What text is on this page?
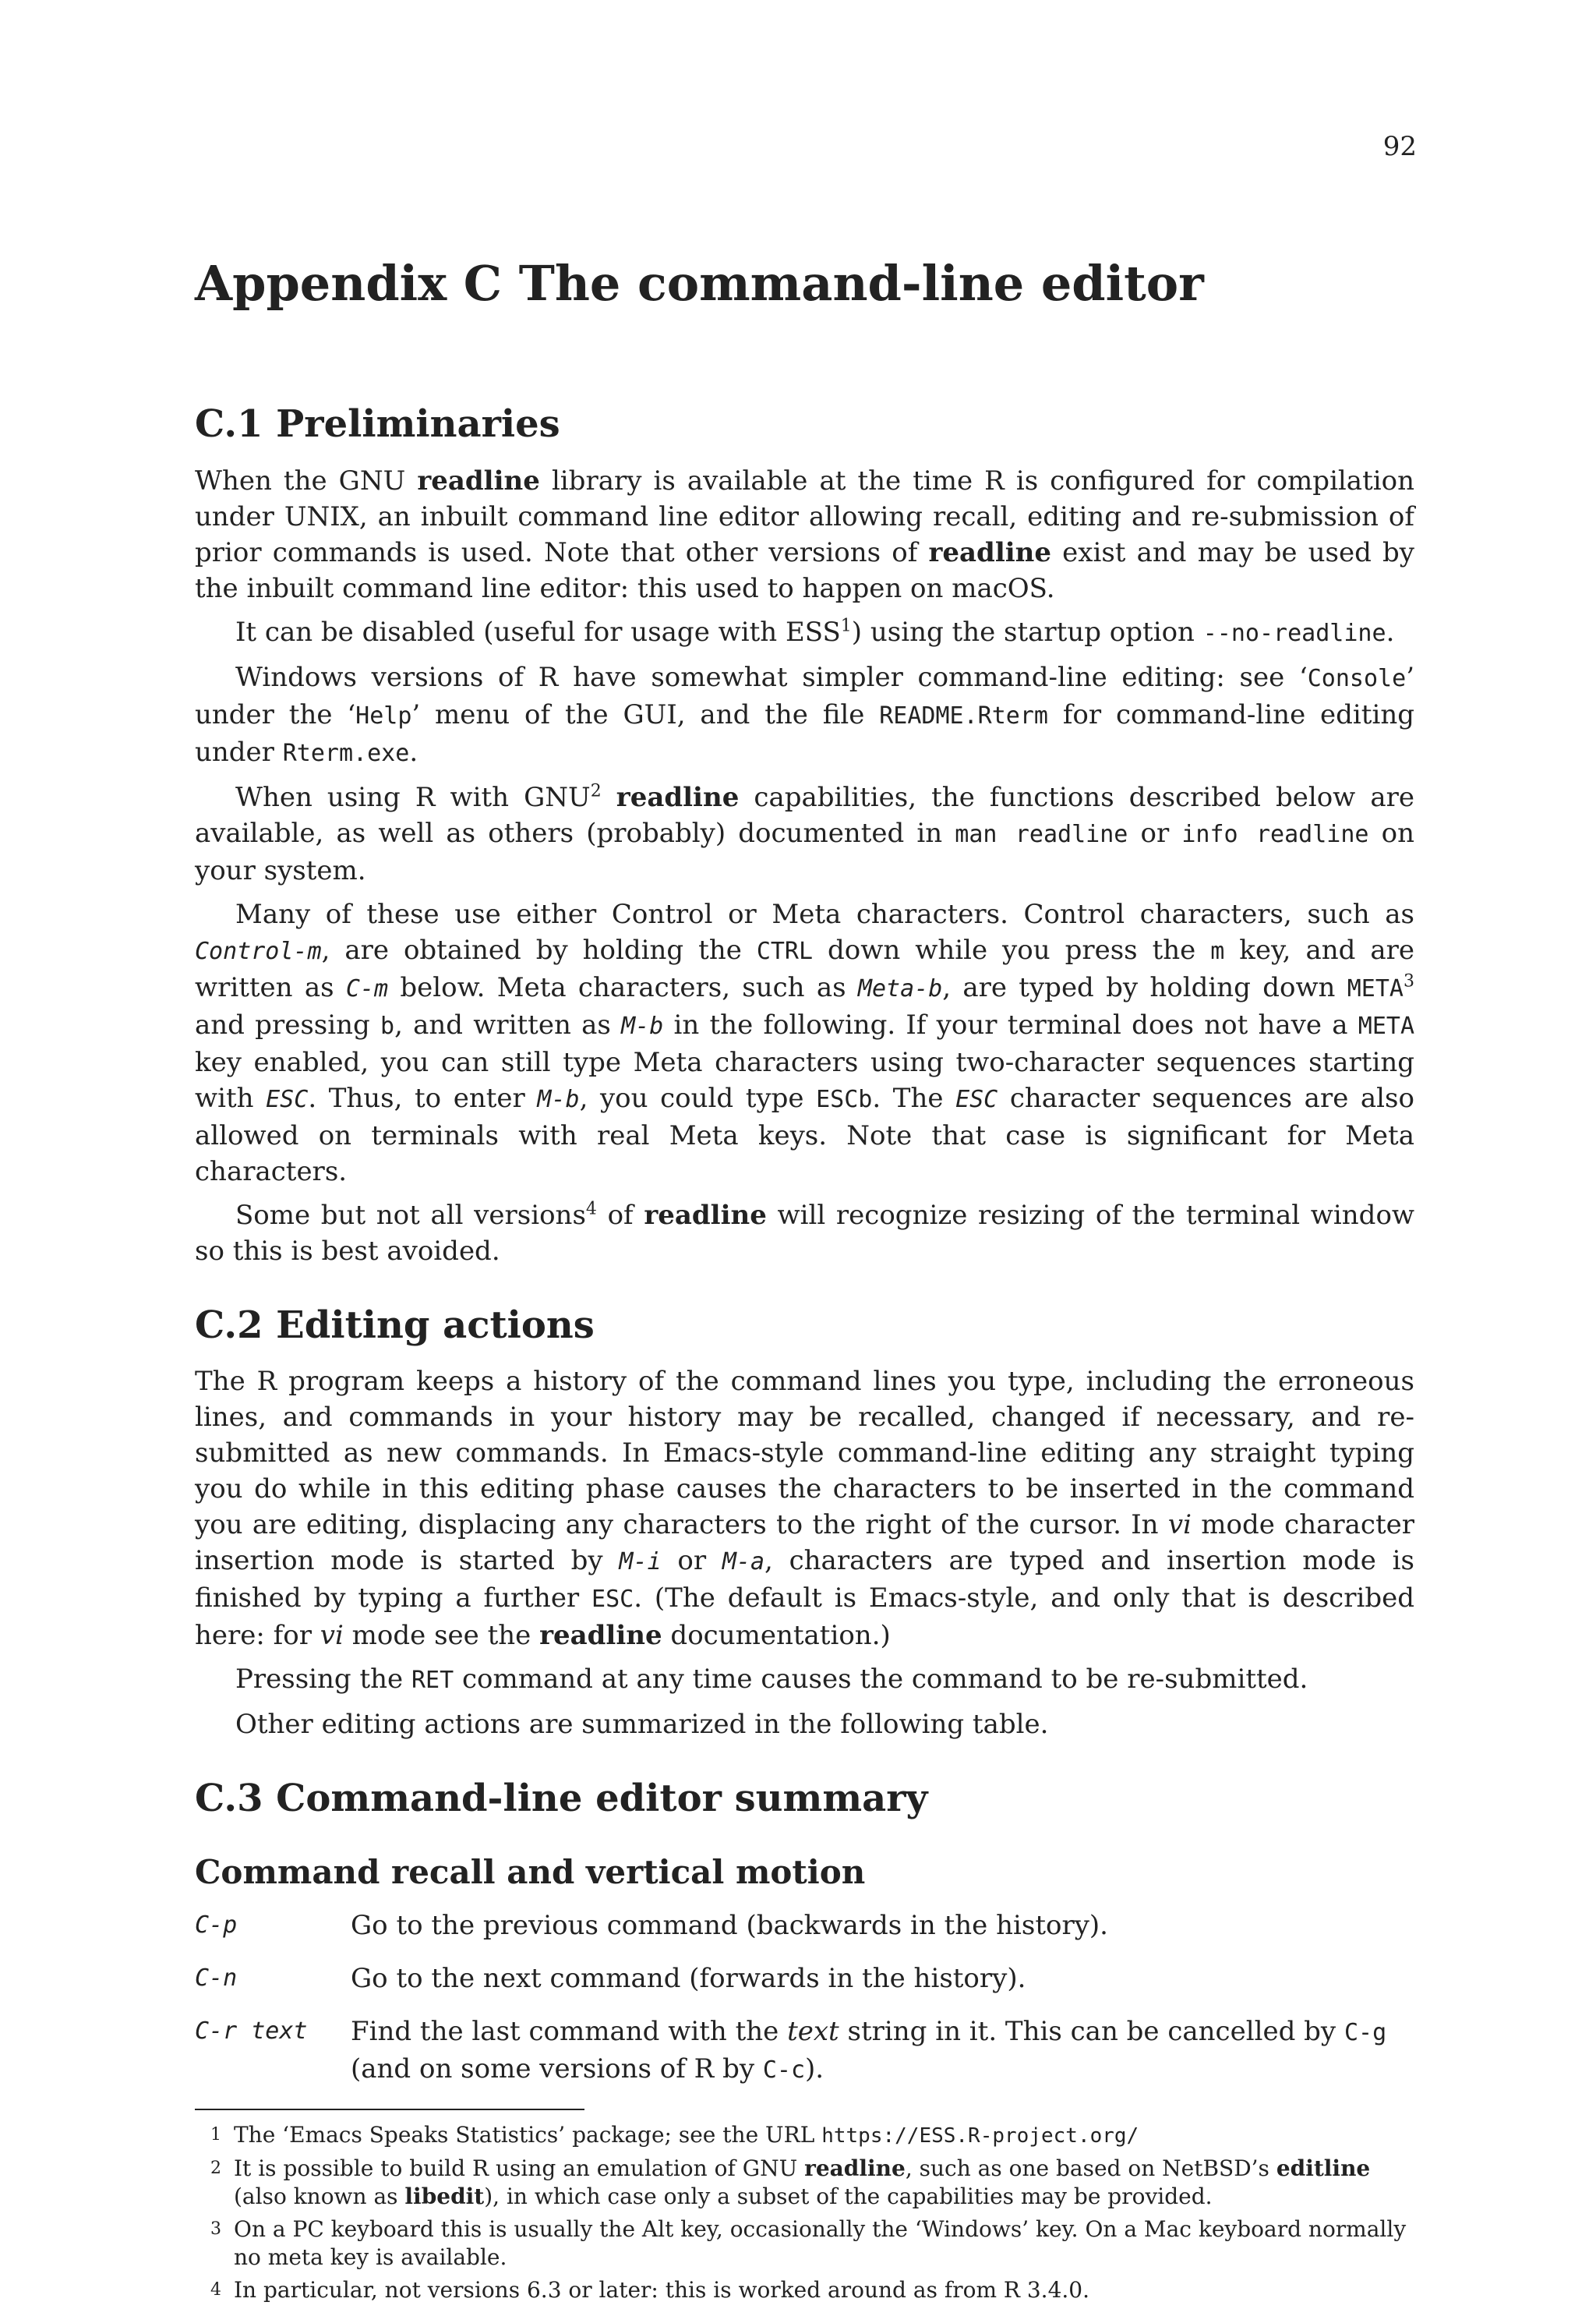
92
Appendix C The command-line editor
C.1 Preliminaries

When the GNU readline library is available at the time R is configured for compilation under UNIX, an inbuilt command line editor allowing recall, editing and re-submission of prior commands is used. Note that other versions of readline exist and may be used by the inbuilt command line editor: this used to happen on macOS.

It can be disabled (useful for usage with ESS$^1$) using the startup option --no-readline.

Windows versions of R have somewhat simpler command-line editing: see ‘Console’ under the ‘Help’ menu of the GUI, and the file README.Rterm for command-line editing under Rterm.exe.

When using R with GNU$^2$ readline capabilities, the functions described below are available, as well as others (probably) documented in man readline or info readline on your system.

Many of these use either Control or Meta characters. Control characters, such as Control-m, are obtained by holding the CTRL down while you press the m key, and are written as C-m below. Meta characters, such as Meta-b, are typed by holding down META$^3$ and pressing b, and written as M-b in the following. If your terminal does not have a META key enabled, you can still type Meta characters using two-character sequences starting with ESC. Thus, to enter M-b, you could type ESCb. The ESC character sequences are also allowed on terminals with real Meta keys. Note that case is significant for Meta characters.

Some but not all versions$^4$ of readline will recognize resizing of the terminal window so this is best avoided.

C.2 Editing actions

The R program keeps a history of the command lines you type, including the erroneous lines, and commands in your history may be recalled, changed if necessary, and re-submitted as new commands. In Emacs-style command-line editing any straight typing you do while in this editing phase causes the characters to be inserted in the command you are editing, displacing any characters to the right of the cursor. In vi mode character insertion mode is started by M-i or M-a, characters are typed and insertion mode is finished by typing a further ESC. (The default is Emacs-style, and only that is described here: for vi mode see the readline documentation.)

Pressing the RET command at any time causes the command to be re-submitted.

Other editing actions are summarized in the following table.

C.3 Command-line editor summary
Command recall and vertical motion
C-p	Go to the previous command (backwards in the history).
C-n	Go to the next command (forwards in the history).
C-r text	Find the last command with the text string in it. This can be cancelled by C-g (and on some versions of R by C-c).
1 The ‘Emacs Speaks Statistics’ package; see the URL https://ESS.R-project.org/
2 It is possible to build R using an emulation of GNU readline, such as one based on NetBSD’s editline (also known as libedit), in which case only a subset of the capabilities may be provided.
3 On a PC keyboard this is usually the Alt key, occasionally the ‘Windows’ key. On a Mac keyboard normally no meta key is available.
4 In particular, not versions 6.3 or later: this is worked around as from R 3.4.0.
